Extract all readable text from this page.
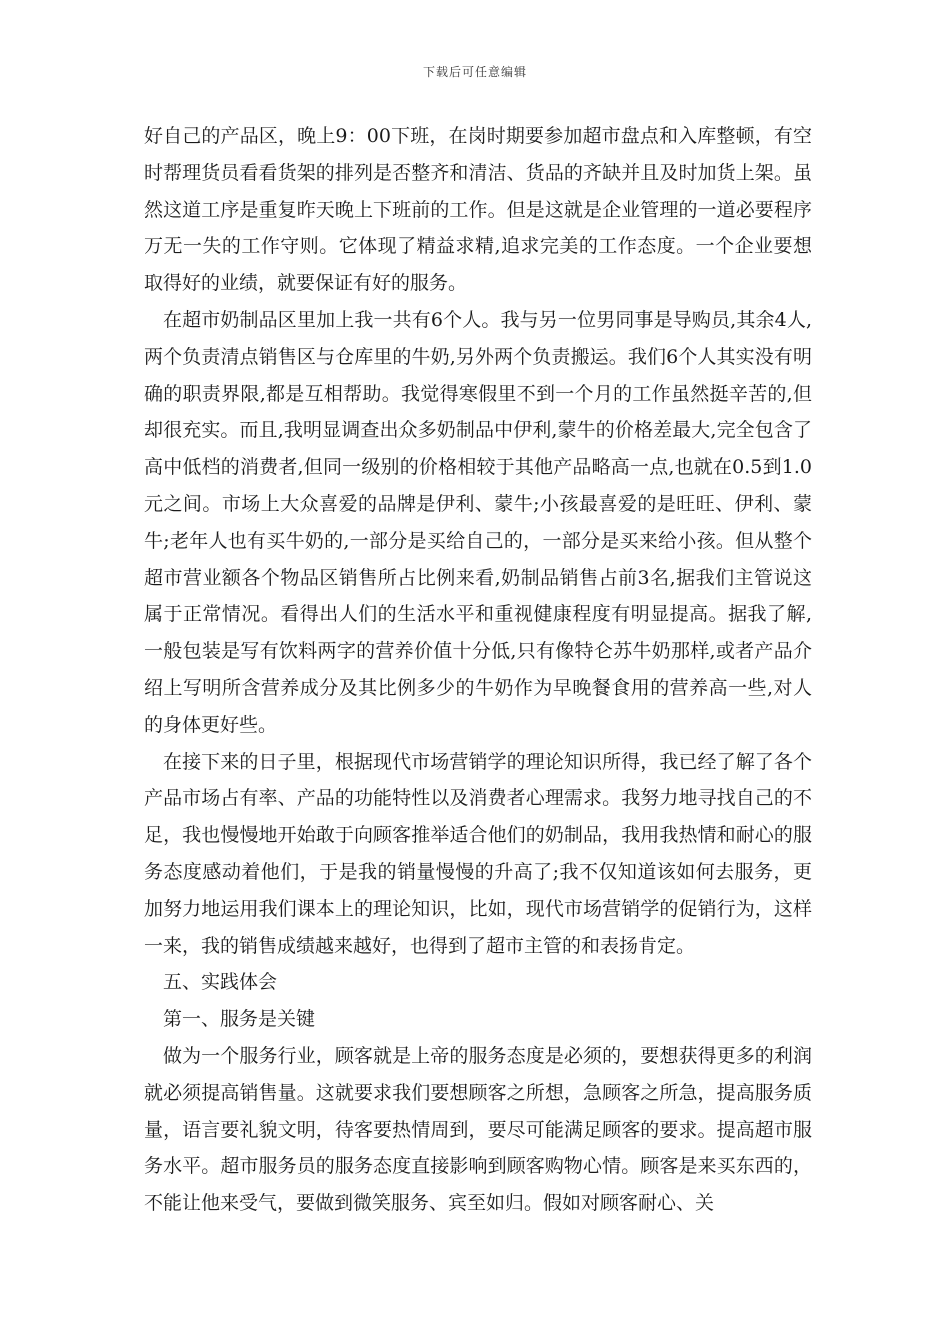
下载后可任意编辑

好自己的产品区，晚上9：00下班，在岗时期要参加超市盘点和入库整顿，有空时帮理货员看看货架的排列是否整齐和清洁、货品的齐缺并且及时加货上架。虽然这道工序是重复昨天晚上下班前的工作。但是这就是企业管理的一道必要程序 万无一失的工作守则。它体现了精益求精,追求完美的工作态度。一个企业要想取得好的业绩，就要保证有好的服务。

在超市奶制品区里加上我一共有6个人。我与另一位男同事是导购员,其余4人,两个负责清点销售区与仓库里的牛奶,另外两个负责搬运。我们6个人其实没有明确的职责界限,都是互相帮助。我觉得寒假里不到一个月的工作虽然挺辛苦的,但却很充实。而且,我明显调查出众多奶制品中伊利,蒙牛的价格差最大,完全包含了高中低档的消费者,但同一级别的价格相较于其他产品略高一点,也就在0.5到1.0元之间。市场上大众喜爱的品牌是伊利、蒙牛;小孩最喜爱的是旺旺、伊利、蒙牛;老年人也有买牛奶的,一部分是买给自己的，一部分是买来给小孩。但从整个超市营业额各个物品区销售所占比例来看,奶制品销售占前3名,据我们主管说这属于正常情况。看得出人们的生活水平和重视健康程度有明显提高。据我了解,一般包装是写有饮料两字的营养价值十分低,只有像特仑苏牛奶那样,或者产品介绍上写明所含营养成分及其比例多少的牛奶作为早晚餐食用的营养高一些,对人的身体更好些。

在接下来的日子里，根据现代市场营销学的理论知识所得，我已经了解了各个产品市场占有率、产品的功能特性以及消费者心理需求。我努力地寻找自己的不足，我也慢慢地开始敢于向顾客推举适合他们的奶制品，我用我热情和耐心的服务态度感动着他们，于是我的销量慢慢的升高了;我不仅知道该如何去服务，更加努力地运用我们课本上的理论知识，比如，现代市场营销学的促销行为，这样一来，我的销售成绩越来越好，也得到了超市主管的和表扬肯定。

五、实践体会

第一、服务是关键

做为一个服务行业，顾客就是上帝的服务态度是必须的，要想获得更多的利润就必须提高销售量。这就要求我们要想顾客之所想，急顾客之所急，提高服务质量，语言要礼貌文明，待客要热情周到，要尽可能满足顾客的要求。提高超市服务水平。超市服务员的服务态度直接影响到顾客购物心情。顾客是来买东西的，不能让他来受气，要做到微笑服务、宾至如归。假如对顾客耐心、关
